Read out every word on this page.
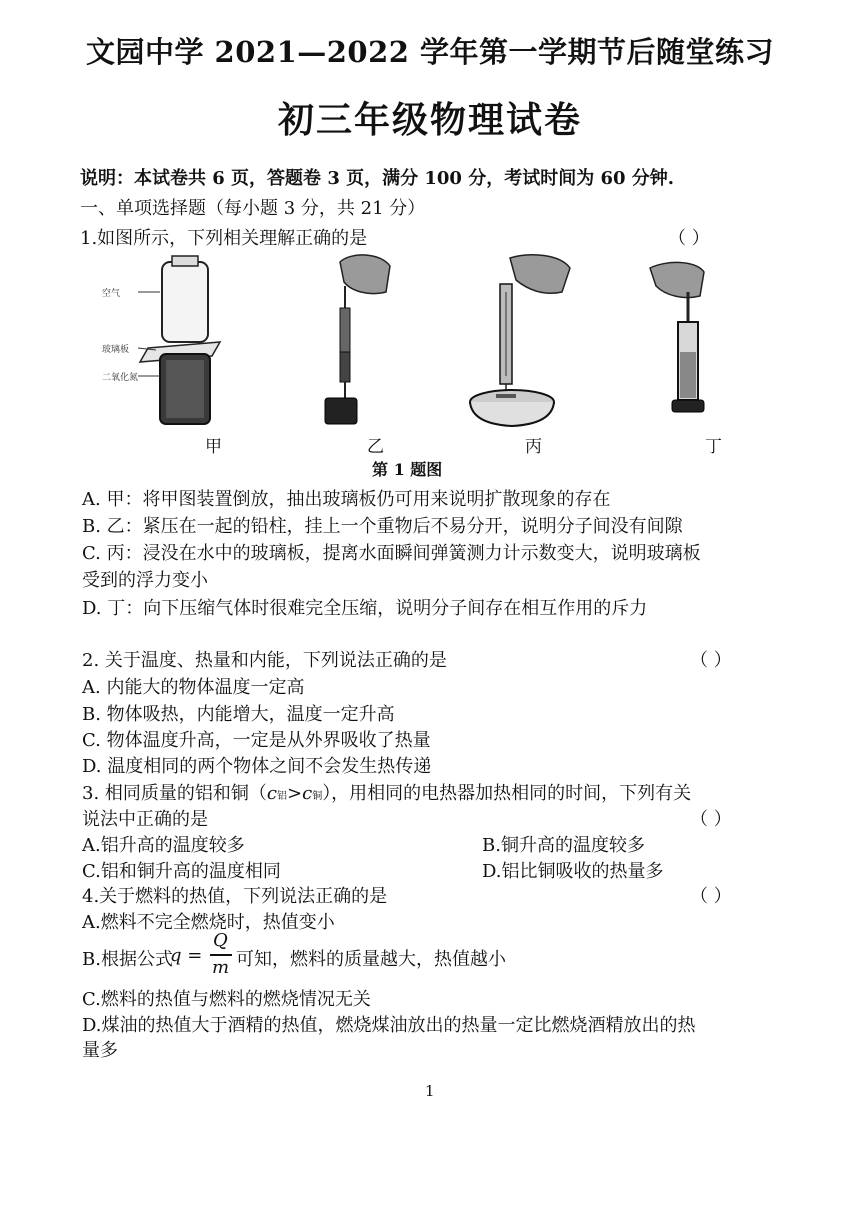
文园中学 2021—2022 学年第一学期节后随堂练习
初三年级物理试卷
说明：本试卷共 6 页，答题卷 3 页，满分 100 分，考试时间为 60 分钟.
一、单项选择题（每小题 3 分，共 21 分）
1.如图所示，下列相关理解正确的是	（ ）
空气
玻璃板
二氧化氮
甲	乙	丙	丁
第 1 题图
A. 甲：将甲图装置倒放，抽出玻璃板仍可用来说明扩散现象的存在
B. 乙：紧压在一起的铅柱，挂上一个重物后不易分开，说明分子间没有间隙
C. 丙：浸没在水中的玻璃板，提离水面瞬间弹簧测力计示数变大，说明玻璃板
受到的浮力变小
D. 丁：向下压缩气体时很难完全压缩，说明分子间存在相互作用的斥力
2. 关于温度、热量和内能，下列说法正确的是	（ ）
A. 内能大的物体温度一定高
B. 物体吸热，内能增大，温度一定升高
C. 物体温度升高，一定是从外界吸收了热量
D. 温度相同的两个物体之间不会发生热传递
3. 相同质量的铝和铜（c铝>c铜），用相同的电热器加热相同的时间，下列有关
说法中正确的是	（ ）
A.铝升高的温度较多	B.铜升高的温度较多
C.铝和铜升高的温度相同	D.铝比铜吸收的热量多
4.关于燃料的热值，下列说法正确的是	（ ）
A.燃料不完全燃烧时，热值变小
B.根据公式
q =
Q
m 可知，燃料的质量越大，热值越小
C.燃料的热值与燃料的燃烧情况无关
D.煤油的热值大于酒精的热值，燃烧煤油放出的热量一定比燃烧酒精放出的热
量多
1
